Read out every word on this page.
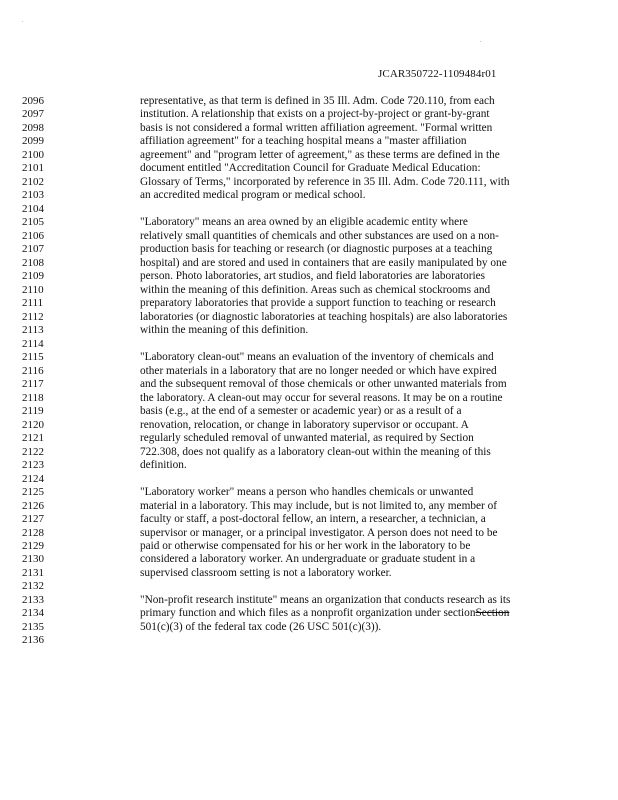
.
.
JCAR350722-1109484r01
2096	representative, as that term is defined in 35 Ill. Adm. Code 720.110, from each
2097	institution. A relationship that exists on a project-by-project or grant-by-grant
2098	basis is not considered a formal written affiliation agreement. "Formal written
2099	affiliation agreement" for a teaching hospital means a "master affiliation
2100	agreement" and "program letter of agreement," as these terms are defined in the
2101	document entitled "Accreditation Council for Graduate Medical Education:
2102	Glossary of Terms," incorporated by reference in 35 Ill. Adm. Code 720.111, with
2103	an accredited medical program or medical school.
2104
2105	"Laboratory" means an area owned by an eligible academic entity where
2106	relatively small quantities of chemicals and other substances are used on a non-
2107	production basis for teaching or research (or diagnostic purposes at a teaching
2108	hospital) and are stored and used in containers that are easily manipulated by one
2109	person. Photo laboratories, art studios, and field laboratories are laboratories
2110	within the meaning of this definition. Areas such as chemical stockrooms and
2111	preparatory laboratories that provide a support function to teaching or research
2112	laboratories (or diagnostic laboratories at teaching hospitals) are also laboratories
2113	within the meaning of this definition.
2114
2115	"Laboratory clean-out" means an evaluation of the inventory of chemicals and
2116	other materials in a laboratory that are no longer needed or which have expired
2117	and the subsequent removal of those chemicals or other unwanted materials from
2118	the laboratory. A clean-out may occur for several reasons. It may be on a routine
2119	basis (e.g., at the end of a semester or academic year) or as a result of a
2120	renovation, relocation, or change in laboratory supervisor or occupant. A
2121	regularly scheduled removal of unwanted material, as required by Section
2122	722.308, does not qualify as a laboratory clean-out within the meaning of this
2123	definition.
2124
2125	"Laboratory worker" means a person who handles chemicals or unwanted
2126	material in a laboratory. This may include, but is not limited to, any member of
2127	faculty or staff, a post-doctoral fellow, an intern, a researcher, a technician, a
2128	supervisor or manager, or a principal investigator. A person does not need to be
2129	paid or otherwise compensated for his or her work in the laboratory to be
2130	considered a laboratory worker. An undergraduate or graduate student in a
2131	supervised classroom setting is not a laboratory worker.
2132
2133	"Non-profit research institute" means an organization that conducts research as its
2134	primary function and which files as a nonprofit organization under sectionSection
2135	501(c)(3) of the federal tax code (26 USC 501(c)(3)).
2136
